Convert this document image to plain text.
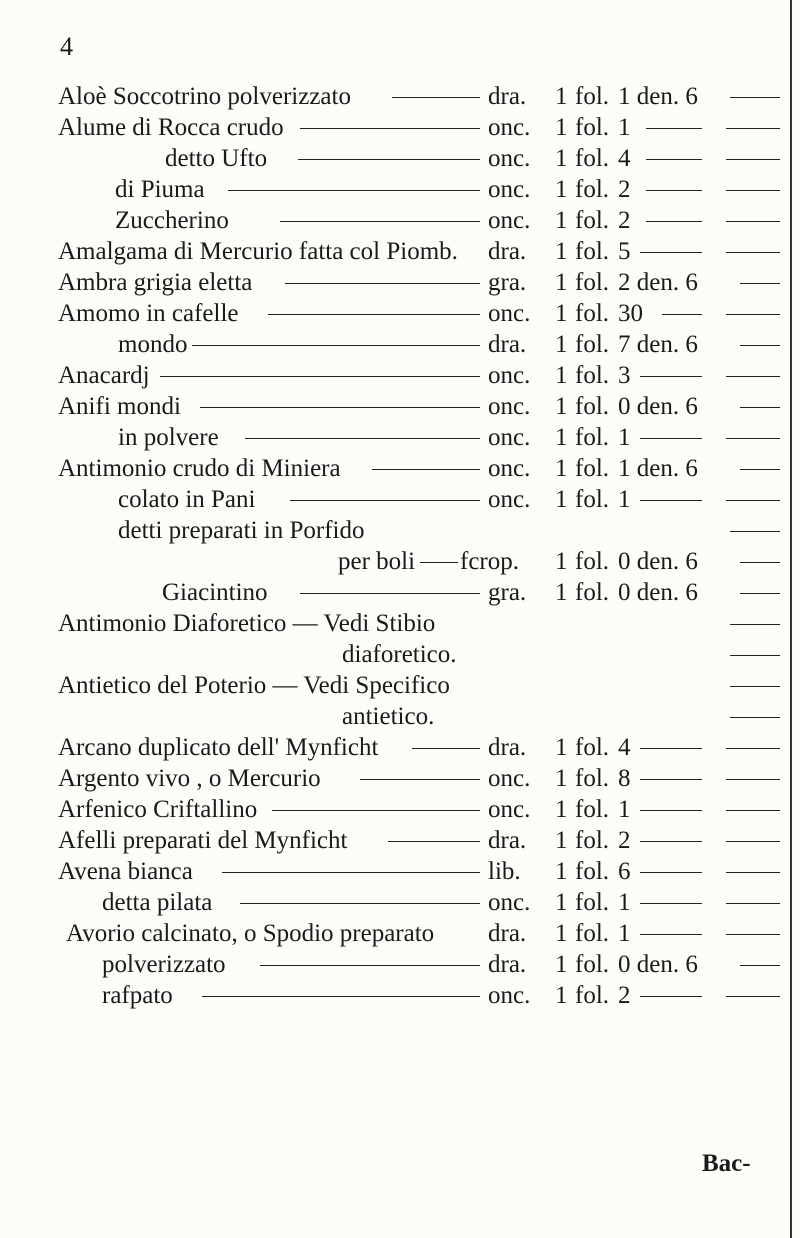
4
Aloè Soccotrino polverizzato	dra.	1 fol. 1 den. 6
Alume di Rocca crudo	onc. 1 fol. 1
detto Ufto	onc. 1 fol. 4
di Piuma	onc. 1 fol. 2
Zuccherino	onc. 1 fol. 2
Amalgama di Mercurio fatta col Piomb. dra.	1 fol. 5
Ambra grigia eletta	gra.	1 fol. 2 den. 6
Amomo in cafelle	onc. 1 fol. 30
mondo	dra.	1 fol. 7 den. 6
Anacardj	onc. 1 fol. 3
Anifi mondi	onc. 1 fol. 0 den. 6
in polvere	onc. 1 fol. 1
Antimonio crudo di Miniera	onc. 1 fol. 1 den. 6
colato in Pani	onc. 1 fol. 1
detti preparati in Porfido
per boli fcrop. 1 fol. 0 den. 6
Giacintino	gra.	1 fol. 0 den. 6
Antimonio Diaforetico — Vedi Stibio
diaforetico.
Antietico del Poterio — Vedi Specifico
antietico.
Arcano duplicato dell' Mynficht	dra.	1 fol. 4
Argento vivo , o Mercurio	onc. 1 fol. 8
Arfenico Criftallino	onc. 1 fol. 1
Afelli preparati del Mynficht	dra.	1 fol. 2
Avena bianca	lib.	1 fol. 6
detta pilata	onc. 1 fol. 1
Avorio calcinato, o Spodio preparato dra.	1 fol. 1
polverizzato	dra.	1 fol. 0 den. 6
rafpato	onc. 1 fol. 2
Bac-
